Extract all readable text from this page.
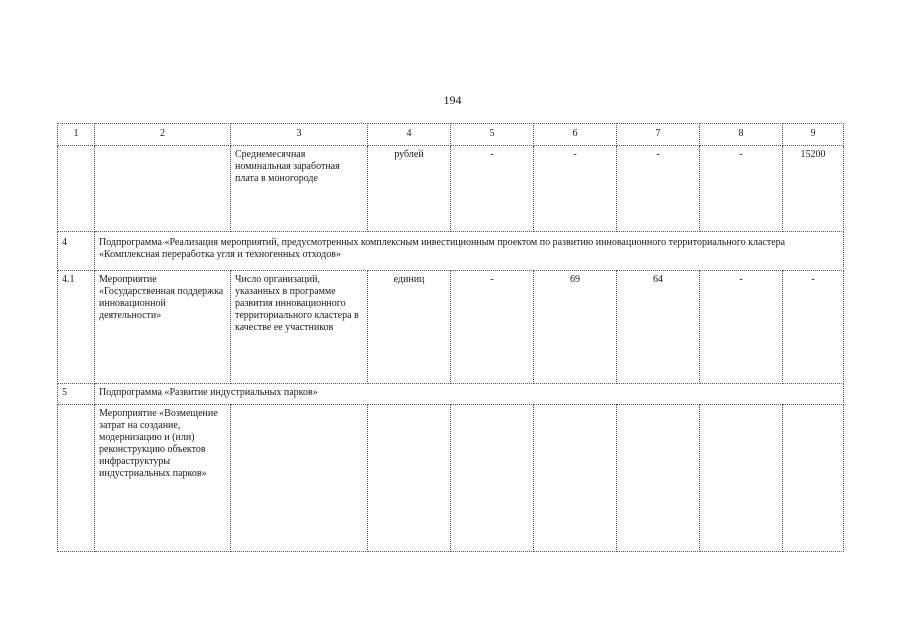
194
1	2	3	4	5	6	7	8	9
		Среднемесячная номинальная заработная плата в моногороде	рублей	-	-	-	-	15200
4	Подпрограмма «Реализация мероприятий, предусмотренных комплексным инвестиционным проектом по развитию инновационного территориального кластера «Комплексная переработка угля и техногенных отходов»							
4.1	Мероприятие «Государственная поддержка инновационной деятельности»	Число организаций, указанных в программе развития инновационного территориального кластера в качестве ее участников	единиц	-	69	64	-	-
5	Подпрограмма «Развитие индустриальных парков»							
	Мероприятие «Возмещение затрат на создание, модернизацию и (или) реконструкцию объектов инфраструктуры индустриальных парков»							
